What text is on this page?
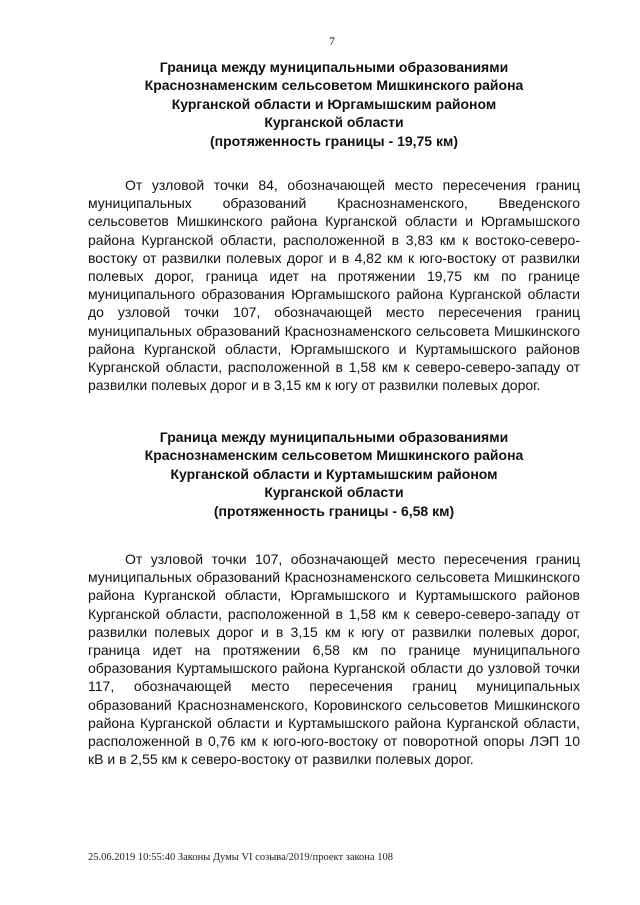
7
Граница между муниципальными образованиями
Краснознаменским сельсоветом Мишкинского района
Курганской области и Юргамышским районом
Курганской области
(протяженность границы - 19,75 км)

От узловой точки 84, обозначающей место пересечения границ муниципальных образований Краснознаменского, Введенского сельсоветов Мишкинского района Курганской области и Юргамышского района Курганской области, расположенной в 3,83 км к востоко-северо-востоку от развилки полевых дорог и в 4,82 км к юго-востоку от развилки полевых дорог, граница идет на протяжении 19,75 км по границе муниципального образования Юргамышского района Курганской области до узловой точки 107, обозначающей место пересечения границ муниципальных образований Краснознаменского сельсовета Мишкинского района Курганской области, Юргамышского и Куртамышского районов Курганской области, расположенной в 1,58 км к северо-северо-западу от развилки полевых дорог и в 3,15 км к югу от развилки полевых дорог.

Граница между муниципальными образованиями
Краснознаменским сельсоветом Мишкинского района
Курганской области и Куртамышским районом
Курганской области
(протяженность границы - 6,58 км)

От узловой точки 107, обозначающей место пересечения границ муниципальных образований Краснознаменского сельсовета Мишкинского района Курганской области, Юргамышского и Куртамышского районов Курганской области, расположенной в 1,58 км к северо-северо-западу от развилки полевых дорог и в 3,15 км к югу от развилки полевых дорог, граница идет на протяжении 6,58 км по границе муниципального образования Куртамышского района Курганской области до узловой точки 117, обозначающей место пересечения границ муниципальных образований Краснознаменского, Коровинского сельсоветов Мишкинского района Курганской области и Куртамышского района Курганской области, расположенной в 0,76 км к юго-юго-востоку от поворотной опоры ЛЭП 10 кВ и в 2,55 км к северо-востоку от развилки полевых дорог.

25.06.2019 10:55:40 Законы Думы VI созыва/2019/проект закона 108
